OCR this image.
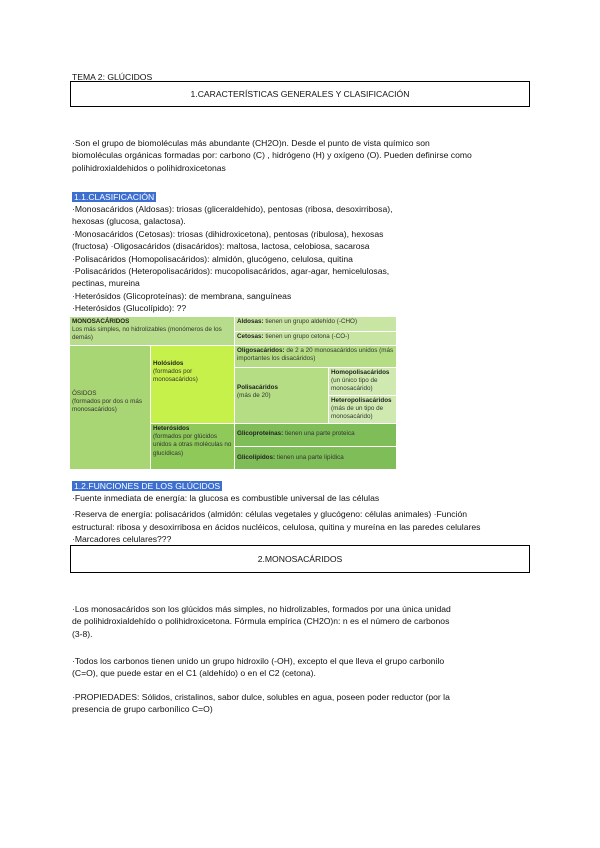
TEMA 2: GLÚCIDOS
1.CARACTERÍSTICAS GENERALES Y CLASIFICACIÓN
·Son el grupo de biomoléculas más abundante (CH2O)n. Desde el punto de vista químico son
biomoléculas orgánicas formadas por: carbono (C) , hidrógeno (H) y oxígeno (O). Pueden definirse como
polihidroxialdehidos o polihidroxicetonas
1.1.CLASIFICACIÓN
·Monosacáridos (Aldosas): triosas (gliceraldehido), pentosas (ribosa, desoxirribosa),
hexosas (glucosa, galactosa).
·Monosacáridos (Cetosas): triosas (dihidroxicetona), pentosas (ribulosa), hexosas
(fructosa) ·Oligosacáridos (disacáridos): maltosa, lactosa, celobiosa, sacarosa
·Polisacáridos (Homopolisacáridos): almidón, glucógeno, celulosa, quitina
·Polisacáridos (Heteropolisacáridos): mucopolisacáridos, agar-agar, hemicelulosas,
pectinas, mureina
·Heterósidos (Glicoproteínas): de membrana, sanguíneas
·Heterósidos (Glucolípido): ??
MONOSACÁRIDOS
Los más simples, no hidrolizables (monómeros de los demás)
Aldosas: tienen un grupo aldehído (-CHO)
Cetosas: tienen un grupo cetona (-CO-)
ÓSIDOS
(formados por dos o más monosacáridos)
Holósidos
(formados por monosacáridos)
Oligosacáridos: de 2 a 20 monosacáridos unidos (más importantes los disacáridos)
Polisacáridos
(más de 20)
Homopolisacáridos
(un único tipo de monosacárido)
Heteropolisacáridos
(más de un tipo de monosacárido)
Heterósidos
(formados por glúcidos unidos a otras moléculas no glucídicas)
Glicoproteínas: tienen una parte proteica
Glicolípidos: tienen una parte lipídica
1.2.FUNCIONES DE LOS GLÚCIDOS
·Fuente inmediata de energía: la glucosa es combustible universal de las células
·Reserva de energía: polisacáridos (almidón: células vegetales y glucógeno: células animales) ·Función
estructural: ribosa y desoxirribosa en ácidos nucléicos, celulosa, quitina y mureína en las paredes celulares
·Marcadores celulares???
2.MONOSACÁRIDOS
·Los monosacáridos son los glúcidos más simples, no hidrolizables, formados por una única unidad
de polihidroxialdehído o polihidroxicetona. Fórmula empírica (CH2O)n: n es el número de carbonos
(3-8).
·Todos los carbonos tienen unido un grupo hidroxilo (-OH), excepto el que lleva el grupo carbonilo
(C=O), que puede estar en el C1 (aldehído) o en el C2 (cetona).
·PROPIEDADES: Sólidos, cristalinos, sabor dulce, solubles en agua, poseen poder reductor (por la
presencia de grupo carbonílico C=O)
